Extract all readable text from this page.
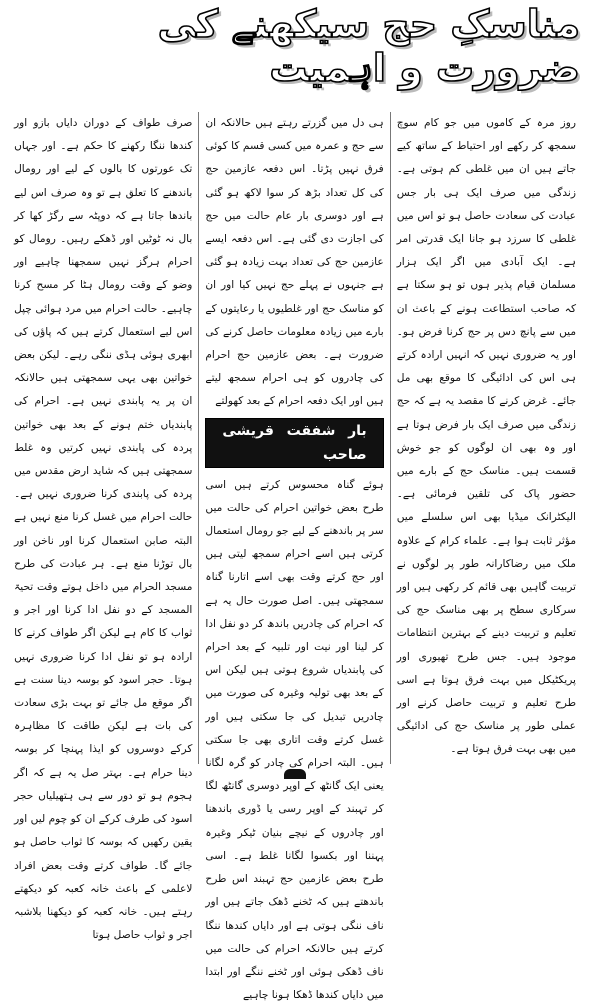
مناسکِ حج سیکھنے کی ضرورت و اہمیت

روز مرہ کے کاموں میں جو کام سوچ سمجھ کر رکھے اور احتیاط کے ساتھ کیے جاتے ہیں ان میں غلطی کم ہوتی ہے۔ زندگی میں صرف ایک ہی بار جس عبادت کی سعادت حاصل ہو تو اس میں غلطی کا سرزد ہو جانا ایک قدرتی امر ہے۔ ایک آبادی میں اگر ایک ہزار مسلمان قیام پذیر ہوں تو ہو سکتا ہے کہ صاحب استطاعت ہونے کے باعث ان میں سے پانچ دس پر حج کرنا فرض ہو۔ اور یہ ضروری نہیں کہ انہیں ارادہ کرتے ہی اس کی ادائیگی کا موقع بھی مل جائے۔ غرض کرنے کا مقصد یہ ہے کہ حج زندگی میں صرف ایک بار فرض ہوتا ہے اور وہ بھی ان لوگوں کو جو خوش قسمت ہیں۔ مناسک حج کے بارے میں حضور پاک کی تلقین فرمائی ہے۔ الیکٹرانک میڈیا بھی اس سلسلے میں مؤثر ثابت ہوا ہے۔ علماء کرام کے علاوہ ملک میں رضاکارانہ طور پر لوگوں نے تربیت گاہیں بھی قائم کر رکھی ہیں اور سرکاری سطح پر بھی مناسک حج کی تعلیم و تربیت دینے کے بہترین انتظامات موجود ہیں۔ جس طرح تھیوری اور پریکٹیکل میں بہت فرق ہوتا ہے اسی طرح تعلیم و تربیت حاصل کرنے اور عملی طور پر مناسک حج کی ادائیگی میں بھی بہت فرق ہوتا ہے۔

ہی دل میں گزرتے رہتے ہیں حالانکہ ان سے حج و عمرہ میں کسی قسم کا کوئی فرق نہیں پڑتا۔ اس دفعہ عازمین حج کی کل تعداد بڑھ کر سوا لاکھ ہو گئی ہے اور دوسری بار عام حالت میں حج کی اجازت دی گئی ہے۔ اس دفعہ ایسے عازمین حج کی تعداد بہت زیادہ ہو گئی ہے جنہوں نے پہلے حج نہیں کیا اور ان کو مناسک حج اور غلطیوں یا رعایتوں کے بارے میں زیادہ معلومات حاصل کرنے کی ضرورت ہے۔ بعض عازمین حج احرام کی چادروں کو ہی احرام سمجھ لیتے ہیں اور ایک دفعہ احرام کے بعد کھولتے

بار شفقت قریشی صاحب

ہوئے گناہ محسوس کرتے ہیں اسی طرح بعض خواتین احرام کی حالت میں سر پر باندھنے کے لیے جو رومال استعمال کرتی ہیں اسے احرام سمجھ لیتی ہیں اور حج کرتے وقت بھی اسے اتارنا گناہ سمجھتی ہیں۔ اصل صورت حال یہ ہے کہ احرام کی چادریں باندھ کر دو نفل ادا کر لینا اور نیت اور تلبیہ کے بعد احرام کی پابندیاں شروع ہوتی ہیں لیکن اس کے بعد بھی تولیہ وغیرہ کی صورت میں چادریں تبدیل کی جا سکتی ہیں اور غسل کرتے وقت اتاری بھی جا سکتی ہیں۔ البتہ احرام کی چادر کو گرہ لگانا یعنی ایک گانٹھ کے اوپر دوسری گانٹھ لگا کر تہبند کے اوپر رسی یا ڈوری باندھنا اور چادروں کے نیچے بنیان ٹیکر وغیرہ پہننا اور بکسوا لگانا غلط ہے۔ اسی طرح بعض عازمین حج تہبند اس طرح باندھتے ہیں کہ ٹخنے ڈھک جاتے ہیں اور ناف ننگی ہوتی ہے اور دایاں کندھا ننگا کرتے ہیں حالانکہ احرام کی حالت میں ناف ڈھکی ہوئی اور ٹخنے ننگے اور ابتدا میں دایاں کندھا ڈھکا ہونا چاہیے

صرف طواف کے دوران دایاں بازو اور کندھا ننگا رکھنے کا حکم ہے۔ اور جہاں تک عورتوں کا بالوں کے لیے اور رومال باندھنے کا تعلق ہے تو وہ صرف اس لیے باندھا جاتا ہے کہ دوپٹہ سے رگڑ کھا کر بال نہ ٹوٹیں اور ڈھکے رہیں۔ رومال کو احرام ہرگز نہیں سمجھنا چاہیے اور وضو کے وقت رومال ہٹا کر مسح کرنا چاہیے۔ حالت احرام میں مرد ہوائی چپل اس لیے استعمال کرتے ہیں کہ پاؤں کی ابھری ہوئی ہڈی ننگی رہے۔ لیکن بعض خواتین بھی یہی سمجھتی ہیں حالانکہ ان پر یہ پابندی نہیں ہے۔ احرام کی پابندیاں ختم ہونے کے بعد بھی خواتین پردہ کی پابندی نہیں کرتیں وہ غلط سمجھتی ہیں کہ شاید ارض مقدس میں پردہ کی پابندی کرنا ضروری نہیں ہے۔ حالت احرام میں غسل کرنا منع نہیں ہے البتہ صابن استعمال کرنا اور ناخن اور بال توڑنا منع ہے۔ ہر عبادت کی طرح مسجد الحرام میں داخل ہوتے وقت تحیۃ المسجد کے دو نفل ادا کرنا اور اجر و ثواب کا کام ہے لیکن اگر طواف کرنے کا ارادہ ہو تو نفل ادا کرنا ضروری نہیں ہوتا۔ حجر اسود کو بوسہ دینا سنت ہے اگر موقع مل جائے تو بہت بڑی سعادت کی بات ہے لیکن طاقت کا مظاہرہ کرکے دوسروں کو ایذا پہنچا کر بوسہ دینا حرام ہے۔ بہتر صل یہ ہے کہ اگر ہجوم ہو تو دور سے ہی ہتھیلیاں حجر اسود کی طرف کرکے ان کو چوم لیں اور یقین رکھیں کہ بوسہ کا ثواب حاصل ہو جائے گا۔ طواف کرتے وقت بعض افراد لاعلمی کے باعث خانہ کعبہ کو دیکھتے رہتے ہیں۔ خانہ کعبہ کو دیکھنا بلاشبہ اجر و ثواب حاصل ہوتا
